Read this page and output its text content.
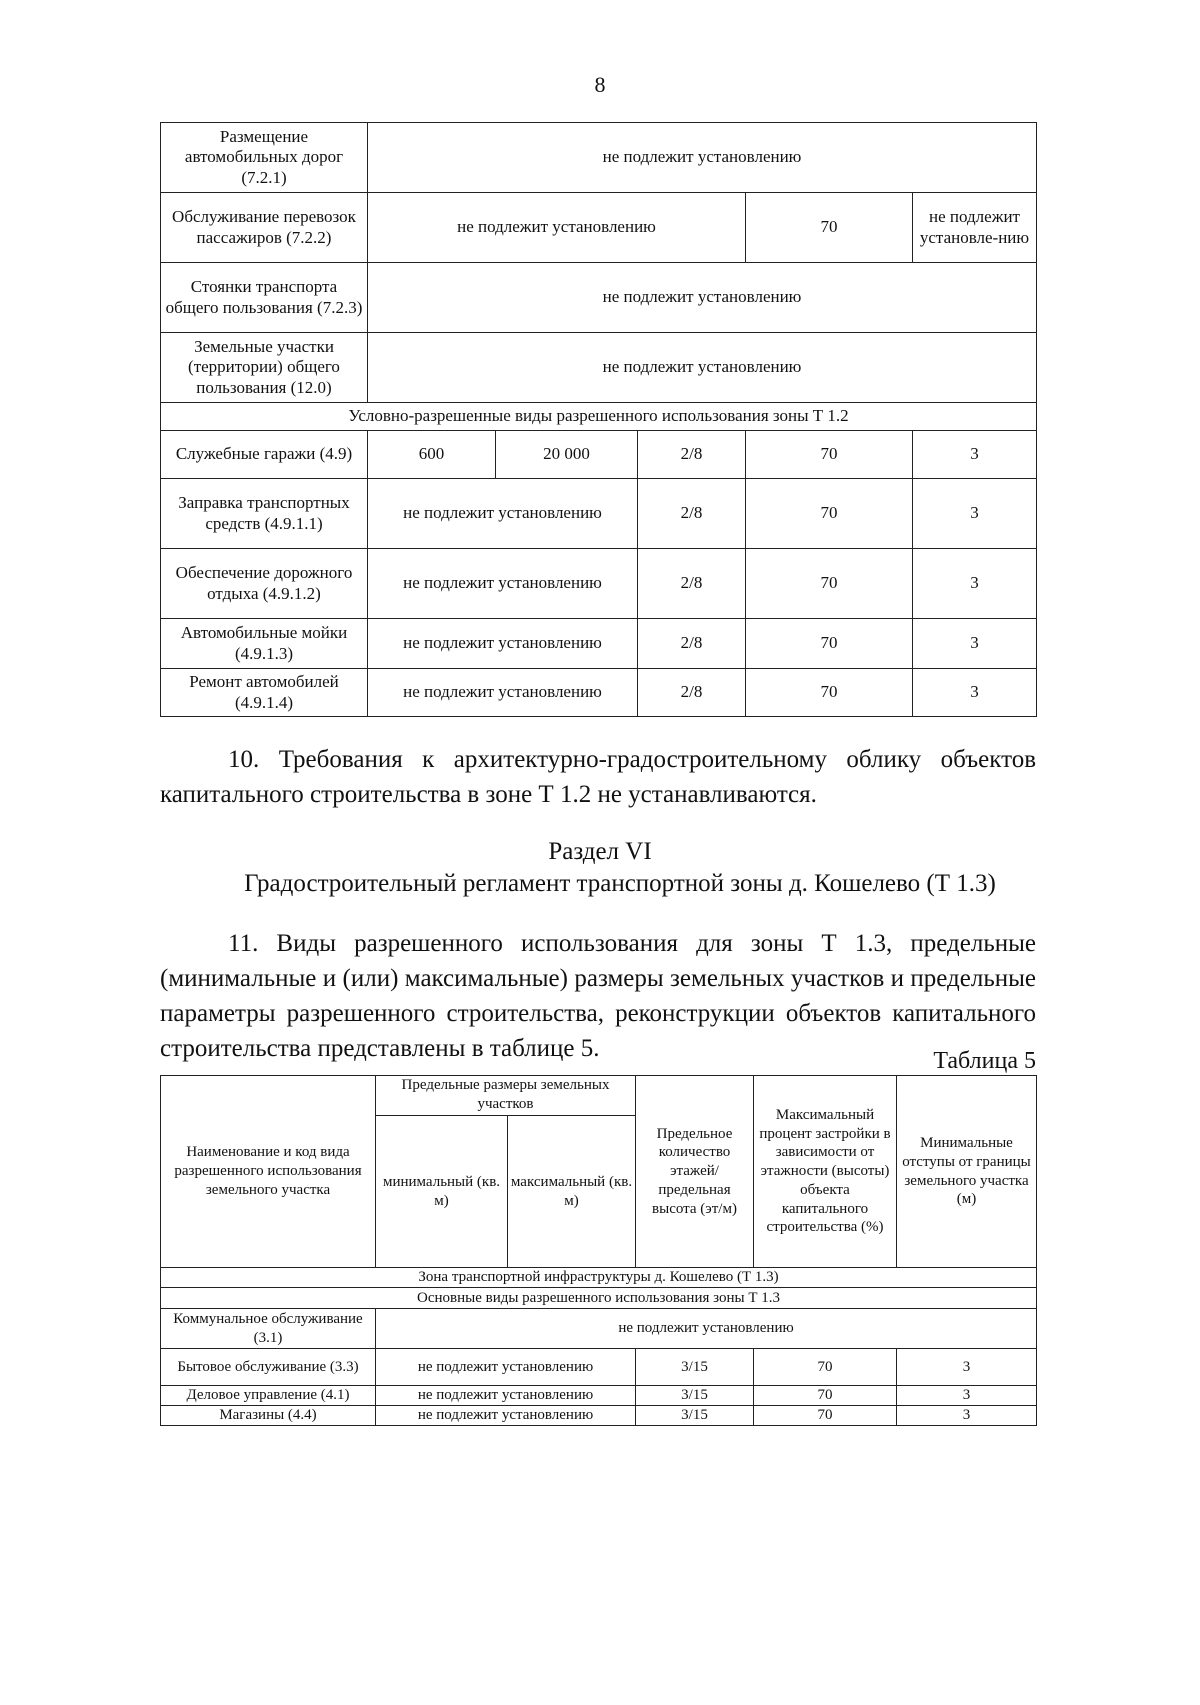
8
Размещение автомобильных дорог (7.2.1)	не подлежит установлению				
Обслуживание перевозок пассажиров (7.2.2)	не подлежит установлению			70	не подлежит установле-нию
Стоянки транспорта общего пользования (7.2.3)	не подлежит установлению				
Земельные участки (территории) общего пользования (12.0)	не подлежит установлению				
Условно-разрешенные виды разрешенного использования зоны Т 1.2					
Служебные гаражи (4.9)	600	20 000	2/8	70	3
Заправка транспортных средств (4.9.1.1)	не подлежит установлению		2/8	70	3
Обеспечение дорожного отдыха (4.9.1.2)	не подлежит установлению		2/8	70	3
Автомобильные мойки (4.9.1.3)	не подлежит установлению		2/8	70	3
Ремонт автомобилей (4.9.1.4)	не подлежит установлению		2/8	70	3
10. Требования к архитектурно-градостроительному облику объектов капитального строительства в зоне Т 1.2 не устанавливаются.
Раздел VI
Градостроительный регламент транспортной зоны д. Кошелево (Т 1.3)
11. Виды разрешенного использования для зоны Т 1.3, предельные (минимальные и (или) максимальные) размеры земельных участков и предельные параметры разрешенного строительства, реконструкции объектов капитального строительства представлены в таблице 5.	Таблица 5
Наименование и код вида разрешенного использования земельного участка	Предельные размеры земельных участков		Предельное количество этажей/ предельная высота (эт/м)	Максимальный процент застройки в зависимости от этажности (высоты) объекта капитального строительства (%)	Минимальные отступы от границы земельного участка (м)
	минимальный (кв. м)	максимальный (кв. м)			
Зона транспортной инфраструктуры д. Кошелево (Т 1.3)					
Основные виды разрешенного использования зоны Т 1.3					
Коммунальное обслуживание (3.1)	не подлежит установлению				
Бытовое обслуживание (3.3)	не подлежит установлению		3/15	70	3
Деловое управление (4.1)	не подлежит установлению		3/15	70	3
Магазины (4.4)	не подлежит установлению		3/15	70	3
